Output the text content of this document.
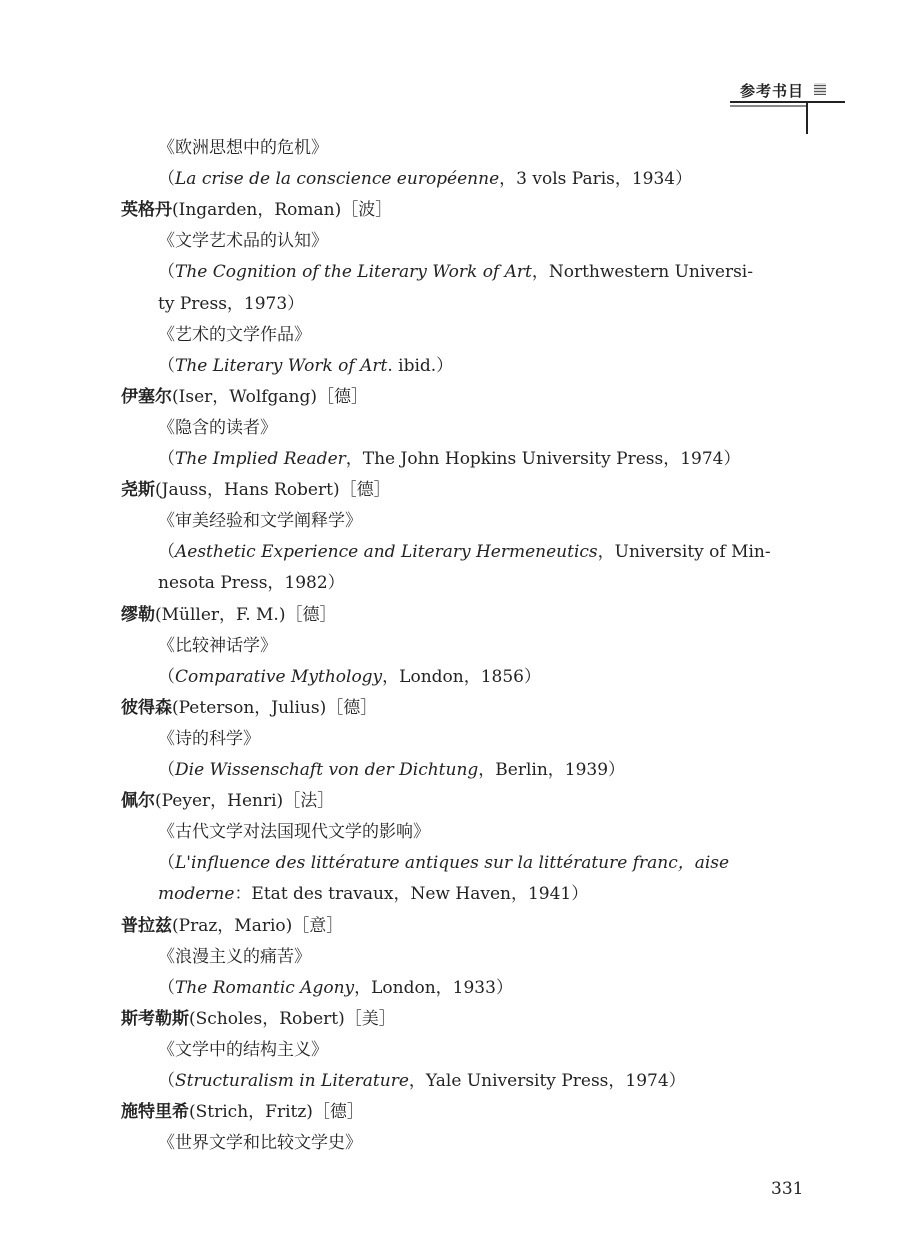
参考书目
《欧洲思想中的危机》
（La crise de la conscience européenne，3 vols Paris，1934）
英格丹(Ingarden，Roman)［波］
《文学艺术品的认知》
（The Cognition of the Literary Work of Art，Northwestern Universi-
ty Press，1973）
《艺术的文学作品》
（The Literary Work of Art. ibid.）
伊塞尔(Iser，Wolfgang)［德］
《隐含的读者》
（The Implied Reader，The John Hopkins University Press，1974）
尧斯(Jauss，Hans Robert)［德］
《审美经验和文学阐释学》
（Aesthetic Experience and Literary Hermeneutics，University of Min-
nesota Press，1982）
缪勒(Müller，F. M.)［德］
《比较神话学》
（Comparative Mythology，London，1856）
彼得森(Peterson，Julius)［德］
《诗的科学》
（Die Wissenschaft von der Dichtung，Berlin，1939）
佩尔(Peyer，Henri)［法］
《古代文学对法国现代文学的影响》
（L'influence des littérature antiques sur la littérature franc，aise
moderne：Etat des travaux，New Haven，1941）
普拉兹(Praz，Mario)［意］
《浪漫主义的痛苦》
（The Romantic Agony，London，1933）
斯考勒斯(Scholes，Robert)［美］
《文学中的结构主义》
（Structuralism in Literature，Yale University Press，1974）
施特里希(Strich，Fritz)［德］
《世界文学和比较文学史》
331
